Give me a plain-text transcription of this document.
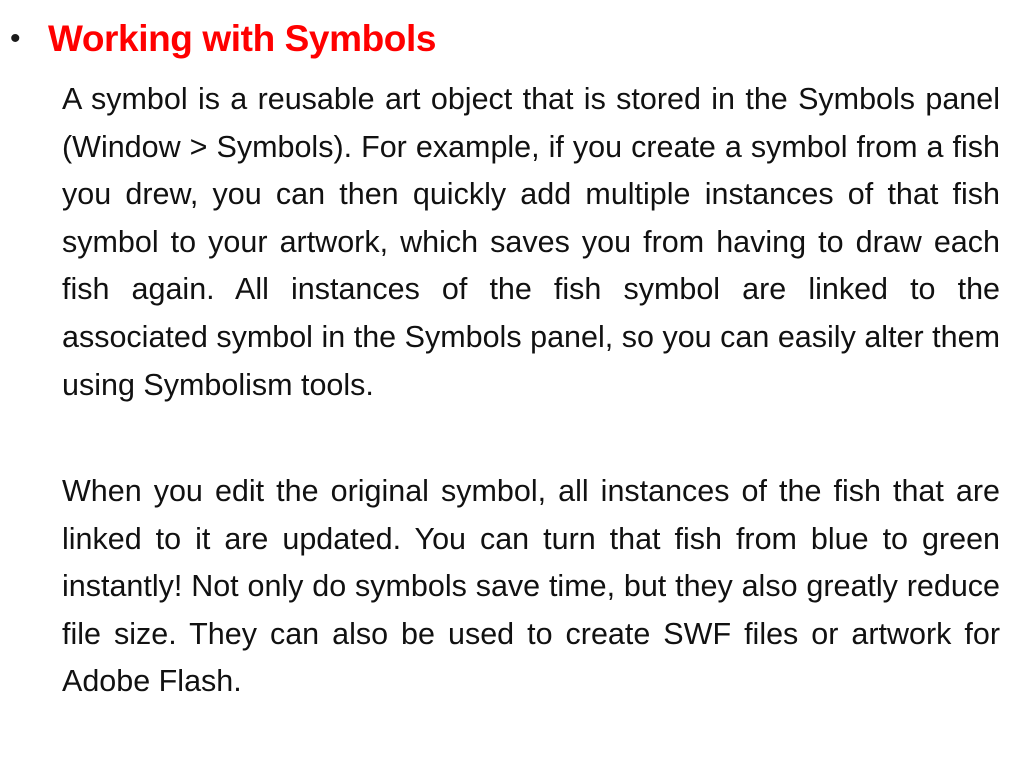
• Working with Symbols

A symbol is a reusable art object that is stored in the Symbols panel (Window > Symbols). For example, if you create a symbol from a fish you drew, you can then quickly add multiple instances of that fish symbol to your artwork, which saves you from having to draw each fish again. All instances of the fish symbol are linked to the associated symbol in the Symbols panel, so you can easily alter them using Symbolism tools.

When you edit the original symbol, all instances of the fish that are linked to it are updated. You can turn that fish from blue to green instantly! Not only do symbols save time, but they also greatly reduce file size. They can also be used to create SWF files or artwork for Adobe Flash.
